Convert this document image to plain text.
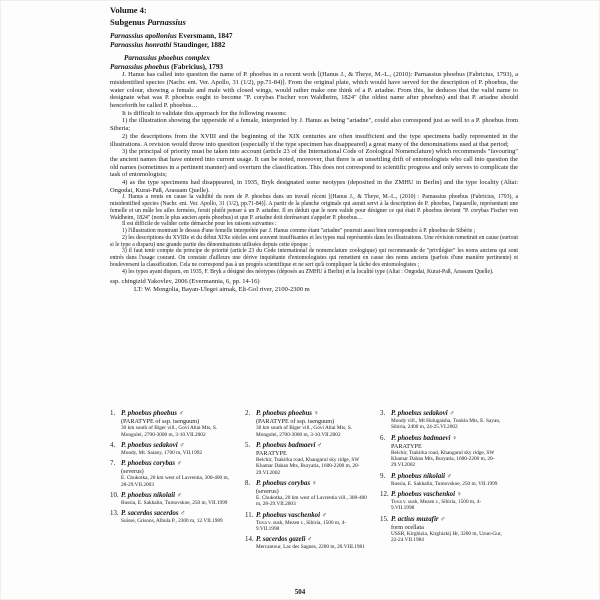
Volume 4:
Subgenus Parnassius
Parnassius apollonius Eversmann, 1847
Parnassius honrathi Staudinger, 1882
Parnassius phoebus complex
Parnassius phoebus (Fabricius), 1793

J. Hanus has called into question the name of P. phoebus in a recent work [(Hanus J., & Theye, M.-L., (2010): Parnassius phoebus (Fabricius, 1793), a misidentified species (Nachr. ent. Ver. Apollo, 31 (1/2), pp.71-84)]. From the original plate, which would have served for the description of P. phoebus, the water colour, showing a female and male with closed wings, would rather make one think of a P. ariadne. From this, he deduces that the valid name to designate what was P. phoebus ought to become "P. corybas Fischer von Waldheim, 1824" (the oldest name after phoebus) and that P. ariadne should henceforth be called P. phoebus…

It is difficult to validate this approach for the following reasons:

1) the illustration showing the upperside of a female, interpreted by J. Hanus as being "ariadne", could also correspond just as well to a P. phoebus from Siberia;

2) the descriptions from the XVIII and the beginning of the XIX centuries are often insufficient and the type specimens badly represented in the illustrations. A revision would throw into question (especially if the type specimen has disappeared) a great many of the denominations used at that period;

3) the principal of priority must be taken into account (article 23 of the International Code of Zoological Nomenclature) which recommends "favouring" the ancient names that have entered into current usage. It can be noted, moreover, that there is an unsettling drift of entomologists who call into question the old names (sometimes in a pertinent manner) and overturn the classification. This does not correspond to scientific progress and only serves to complicate the task of entomologists;

4) as the type specimens had disappeared, in 1935, Bryk designated some neotypes (deposited in the ZMHU in Berlin) and the type locality (Altai: Ongodai, Kurai-Paß, Arassam Quelle).

J. Hanus a remis en cause la validité du nom de P. phoebus dans un travail récent [(Hanus J., & Theye, M.-L., (2010) : Parnassius phoebus (Fabricius, 1793), a misidentified species (Nachr. ent. Ver. Apollo, 31 (1/2), pp.71-84)]. A partir de la planche originale qui aurait servi à la description de P. phoebus, l'aquarelle, représentant une femelle et un mâle les ailes fermées, ferait plutôt penser à un P. ariadne. Il en déduit que le nom valide pour désigner ce qui était P. phoebus devient "P. corybas Fischer von Waldheim, 1824" (nom le plus ancien après phoebus) et que P. ariadne doit dorénavant s'appeler P. phoebus…

Il est difficile de valider cette démarche pour les raisons suivantes :

1) l'illustration montrant le dessus d'une femelle interprétée par J. Hanus comme étant "ariadne" pourrait aussi bien correspondre à P. phoebus de Sibérie ;

2) les descriptions du XVIIIe et du début XIXe siècles sont souvent insuffisantes et les types mal représentés dans les illustrations. Une révision remettrait en cause (surtout si le type a disparu) une grande partie des dénominations utilisées depuis cette époque ;

3) il faut tenir compte du principe de priorité (article 23 du Code international de nomenclature zoologique) qui recommande de "privilégier" les noms anciens qui sont entrés dans l'usage courant. On constate d'ailleurs une dérive inquiétante d'entomologistes qui remettent en cause des noms anciens (parfois d'une manière pertinente) et bouleversent la classification. Cela ne correspond pas à un progrès scientifique et ne sert qu'à compliquer la tâche des entomologistes ;

4) les types ayant disparu, en 1935, F. Bryk a désigné des néotypes (déposés au ZMHU à Berlin) et la localité type (Altai : Ongodai, Kurai-Paß, Arassam Quelle).

ssp. chingizid Yakovlev, 2006 (Evermannia, 6, pp. 14-16)
LT: W. Mongolia, Bayan-Ulegei aimak, Elt-Gol river, 2100-2300 m
1. P. phoebus phoebus ♂
(PARATYPE of ssp. tsenguum)
30 km south of Biger vill., Govi Altai Mts, S. Mongolei, 2700-3000 m, 3-10.VII.2002
4. P. phoebus sedakovi ♂
Mondy, Mt. Saiany, 1700 m, VII.1992
7. P. phoebus corybas ♂
(severus)
E. Chukotka, 20 km west of Lavrentia, 300-400 m, 28-29.VII.2003
10. P. phoebus nikolaii ♂
Russia, E. Sakhalin, Tumovskoe, 250 m, VII.1999
13. P. sacerdos sacerdos ♂
Suisse, Grisons, Albula P., 2300 m, 12.VII.1989
2. P. phoebus phoebus ♀
(PARATYPE of ssp. tsenguum)
30 km south of Biger vill., Govi Altai Mts, S. Mongolei, 2700-3000 m, 3-10.VII.2002
5. P. phoebus badmaevi ♂
PARATYPE
Belchir, Tsakirka road, Khangarul sky ridge, SW Khamar Daban Mts, Buryatia, 1600-2200 m, 20-29.VI.2002
8. P. phoebus corybas ♀
(severus)
E. Chukotka, 20 km west of Lavrentia vill., 300-400 m, 28-29.VII.2003
11. P. phoebus vaschenkoi ♂
Tuva v. sush, Mezen r., Sibiria, 1500 m, 4-9.VII.1998
14. P. sacerdos gazeli ♂
Mercantour, Lac des Sagnes, 2200 m, 20.VIII.1981
3. P. phoebus sedakovi ♂
Mondy vill., Mt Hulugaisha, Tunkin Mts, E. Sayan, Sibiria, 2400 m, 24-25.VI.2002
6. P. phoebus badmaevi ♀
PARATYPE
Belchir, Tsakirka road, Khangarul sky ridge, SW Khamar Daban Mts, Buryatia, 1600-2200 m, 20-29.VI.2002
9. P. phoebus nikolaii ♂
Russia, E. Sakhalin, Tumovskoe, 250 m, VII.1999
12. P. phoebus vaschenkoi ♀
Tuva v. sush, Mezen r., Sibiria, 1500 m, 4-9.VII.1998
15. P. actius muzafir ♂
form ocellata
USSR, Kirghizia, Kirghizkij Hr, 3200 m, Uzun-Gur, 22-24.VII.1984
504
